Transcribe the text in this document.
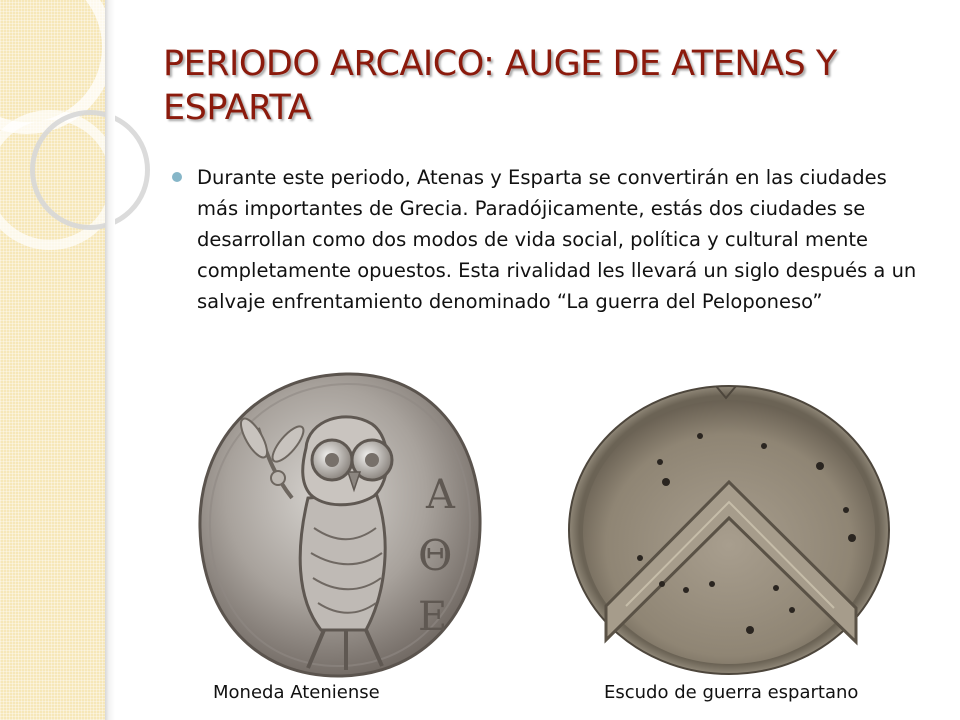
PERIODO ARCAICO: AUGE DE ATENAS Y ESPARTA

Durante este periodo, Atenas y Esparta se convertirán en las ciudades más importantes de Grecia. Paradójicamente, estás dos ciudades se desarrollan como dos modos de vida social, política y cultural mente completamente opuestos. Esta rivalidad les llevará un siglo después a un salvaje enfrentamiento denominado “La guerra del Peloponeso”

Α
Θ
Ε
Moneda Ateniense	Escudo de guerra espartano
